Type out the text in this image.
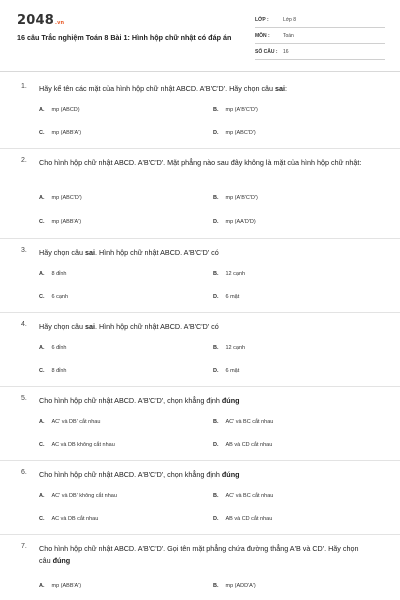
2048.vn
16 câu Trắc nghiệm Toán 8 Bài 1: Hình hộp chữ nhật có đáp án
LỚP :	Lớp 8
MÔN :	Toán
SỐ CÂU : 16
1. Hãy kể tên các mặt của hình hộp chữ nhật ABCD. A'B'C'D'. Hãy chọn câu sai:
A. mp (ABCD)	B. mp (A'B'C'D')
C. mp (ABB'A')	D. mp (ABC'D')
2. Cho hình hộp chữ nhật ABCD. A'B'C'D'. Mặt phẳng nào sau đây không là mặt của hình hộp chữ nhật:
A. mp (ABC'D')	B. mp (A'B'C'D')
C. mp (ABB'A')	D. mp (AA'D'D)
3. Hãy chọn câu sai. Hình hộp chữ nhật ABCD. A'B'C'D' có
A. 8 đỉnh	B. 12 cạnh
C. 6 cạnh	D. 6 mặt
4. Hãy chọn câu sai. Hình hộp chữ nhật ABCD. A'B'C'D' có
A. 6 đỉnh	B. 12 cạnh
C. 8 đỉnh	D. 6 mặt
5. Cho hình hộp chữ nhật ABCD. A'B'C'D', chọn khẳng định đúng
A. AC' và DB' cắt nhau	B. AC' và BC cắt nhau
C. AC và DB không cắt nhau	D. AB và CD cắt nhau
6. Cho hình hộp chữ nhật ABCD. A'B'C'D', chọn khẳng định đúng
A. AC' và DB' không cắt nhau	B. AC' và BC cắt nhau
C. AC và DB cắt nhau	D. AB và CD cắt nhau
7. Cho hình hộp chữ nhật ABCD. A'B'C'D'. Gọi tên mặt phẳng chứa đường thẳng A'B và CD'. Hãy chọn câu đúng
A. mp (ABB'A')	B. mp (ADD'A')
